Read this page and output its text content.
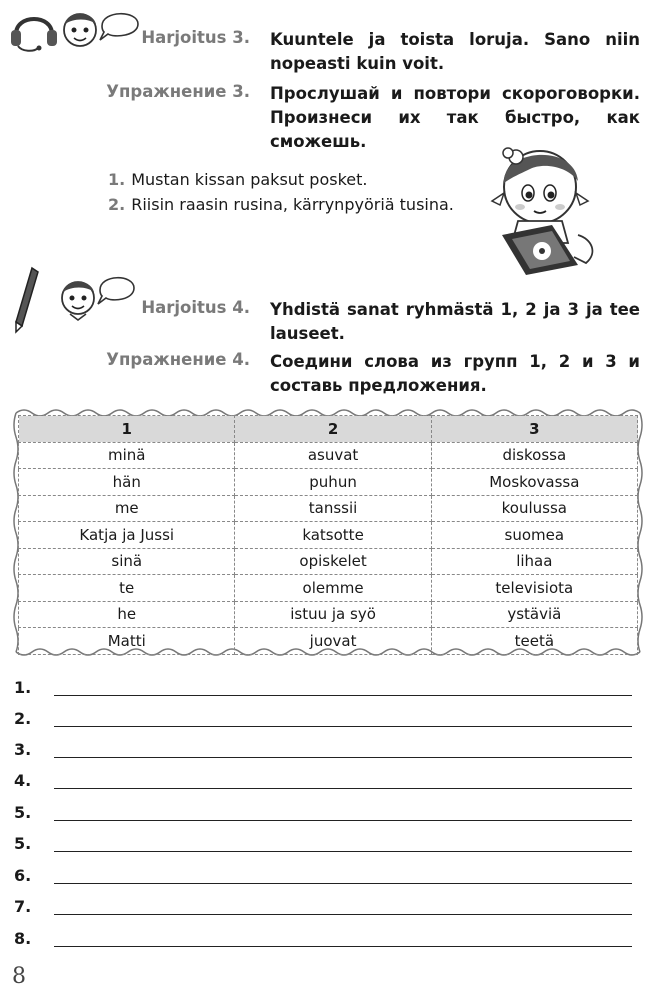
Harjoitus 3. Kuuntele ja toista loruja. Sano niin nopeasti kuin voit.
Упражнение 3. Прослушай и повтори скороговорки. Произнеси их так быстро, как сможешь.
1. Mustan kissan paksut posket.
2. Riisin raasin rusina, kärrynpyöriä tusina.
Harjoitus 4. Yhdistä sanat ryhmästä 1, 2 ja 3 ja tee lauseet.
Упражнение 4. Соедини слова из групп 1, 2 и 3 и составь предложения.
1	2	3
minä	asuvat	diskossa
hän	puhun	Moskovassa
me	tanssii	koulussa
Katja ja Jussi	katsotte	suomea
sinä	opiskelet	lihaa
te	olemme	televisiota
he	istuu ja syö	ystäviä
Matti	juovat	teetä
1.
2.
3.
4.
5.
5.
6.
7.
8.
8
